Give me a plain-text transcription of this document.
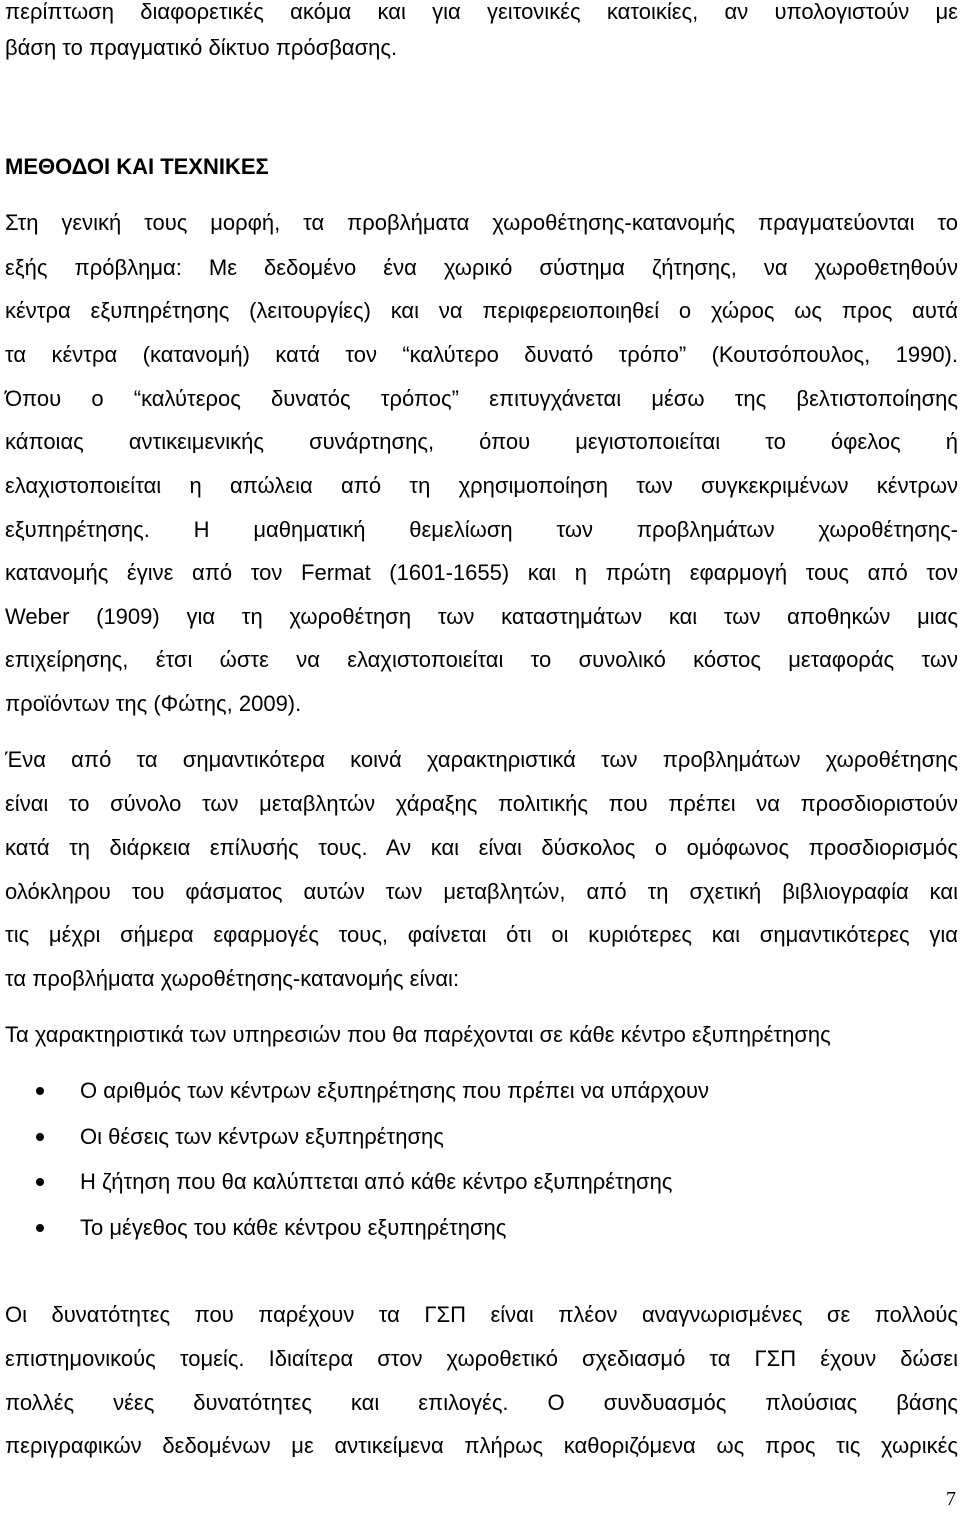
περίπτωση διαφορετικές ακόμα και για γειτονικές κατοικίες, αν υπολογιστούν με

βάση το πραγματικό δίκτυο πρόσβασης.

ΜΕΘΟΔΟΙ ΚΑΙ ΤΕΧΝΙΚΕΣ

Στη γενική τους μορφή, τα προβλήματα χωροθέτησης-κατανομής πραγματεύονται το

εξής πρόβλημα: Με δεδομένο ένα χωρικό σύστημα ζήτησης, να χωροθετηθούν

κέντρα εξυπηρέτησης (λειτουργίες) και να περιφερειοποιηθεί ο χώρος ως προς αυτά

τα κέντρα (κατανομή) κατά τον “καλύτερο δυνατό τρόπο” (Κουτσόπουλος, 1990).

Όπου ο “καλύτερος δυνατός τρόπος” επιτυγχάνεται μέσω της βελτιστοποίησης

κάποιας αντικειμενικής συνάρτησης, όπου μεγιστοποιείται το όφελος ή

ελαχιστοποιείται η απώλεια από τη χρησιμοποίηση των συγκεκριμένων κέντρων

εξυπηρέτησης. Η μαθηματική θεμελίωση των προβλημάτων χωροθέτησης-

κατανομής έγινε από τον Fermat (1601-1655) και η πρώτη εφαρμογή τους από τον

Weber (1909) για τη χωροθέτηση των καταστημάτων και των αποθηκών μιας

επιχείρησης, έτσι ώστε να ελαχιστοποιείται το συνολικό κόστος μεταφοράς των

προϊόντων της (Φώτης, 2009).

Ένα από τα σημαντικότερα κοινά χαρακτηριστικά των προβλημάτων χωροθέτησης

είναι το σύνολο των μεταβλητών χάραξης πολιτικής που πρέπει να προσδιοριστούν

κατά τη διάρκεια επίλυσής τους. Αν και είναι δύσκολος ο ομόφωνος προσδιορισμός

ολόκληρου του φάσματος αυτών των μεταβλητών, από τη σχετική βιβλιογραφία και

τις μέχρι σήμερα εφαρμογές τους, φαίνεται ότι οι κυριότερες και σημαντικότερες για

τα προβλήματα χωροθέτησης-κατανομής είναι:

Τα χαρακτηριστικά των υπηρεσιών που θα παρέχονται σε κάθε κέντρο εξυπηρέτησης

Ο αριθμός των κέντρων εξυπηρέτησης που πρέπει να υπάρχουν
Οι θέσεις των κέντρων εξυπηρέτησης
Η ζήτηση που θα καλύπτεται από κάθε κέντρο εξυπηρέτησης
Το μέγεθος του κάθε κέντρου εξυπηρέτησης

Οι δυνατότητες που παρέχουν τα ΓΣΠ είναι πλέον αναγνωρισμένες σε πολλούς

επιστημονικούς τομείς. Ιδιαίτερα στον χωροθετικό σχεδιασμό τα ΓΣΠ έχουν δώσει

πολλές νέες δυνατότητες και επιλογές. Ο συνδυασμός πλούσιας βάσης

περιγραφικών δεδομένων με αντικείμενα πλήρως καθοριζόμενα ως προς τις χωρικές

7
